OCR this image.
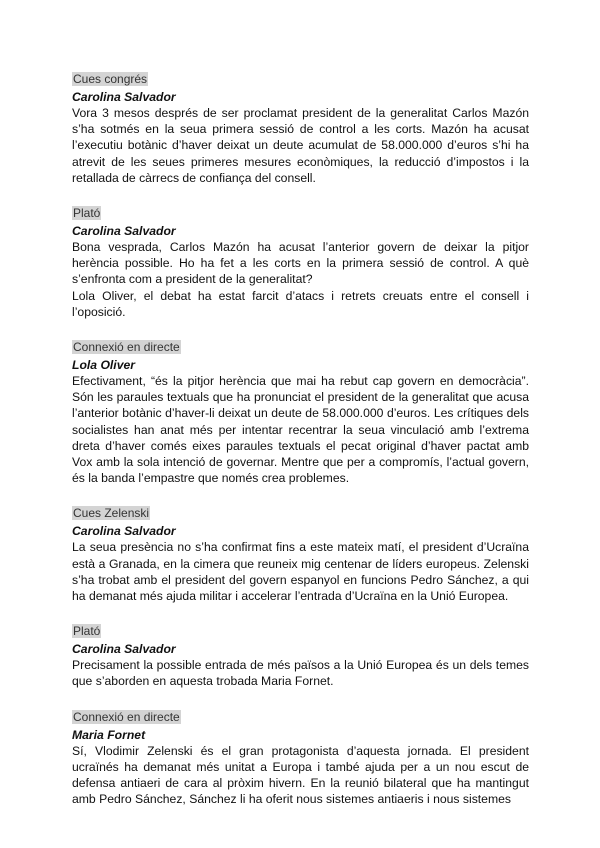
Cues congrés
Carolina Salvador

Vora 3 mesos després de ser proclamat president de la generalitat Carlos Mazón s’ha sotmés en la seua primera sessió de control a les corts. Mazón ha acusat l’executiu botànic d’haver deixat un deute acumulat de 58.000.000 d’euros s’hi ha atrevit de les seues primeres mesures econòmiques, la reducció d’impostos i la retallada de càrrecs de confiança del consell.

Plató
Carolina Salvador

Bona vesprada, Carlos Mazón ha acusat l’anterior govern de deixar la pitjor herència possible. Ho ha fet a les corts en la primera sessió de control. A què s’enfronta com a president de la generalitat?

Lola Oliver, el debat ha estat farcit d’atacs i retrets creuats entre el consell i l’oposició.

Connexió en directe
Lola Oliver

Efectivament, “és la pitjor herència que mai ha rebut cap govern en democràcia”. Són les paraules textuals que ha pronunciat el president de la generalitat que acusa l’anterior botànic d’haver-li deixat un deute de 58.000.000 d’euros. Les crítiques dels socialistes han anat més per intentar recentrar la seua vinculació amb l’extrema dreta d’haver comés eixes paraules textuals el pecat original d’haver pactat amb Vox amb la sola intenció de governar. Mentre que per a compromís, l’actual govern, és la banda l’empastre que només crea problemes.

Cues Zelenski
Carolina Salvador

La seua presència no s’ha confirmat fins a este mateix matí, el president d’Ucraïna està a Granada, en la cimera que reuneix mig centenar de líders europeus. Zelenski s’ha trobat amb el president del govern espanyol en funcions Pedro Sánchez, a qui ha demanat més ajuda militar i accelerar l’entrada d’Ucraïna en la Unió Europea.

Plató
Carolina Salvador

Precisament la possible entrada de més països a la Unió Europea és un dels temes que s’aborden en aquesta trobada Maria Fornet.

Connexió en directe
Maria Fornet

Sí, Vlodimir Zelenski és el gran protagonista d’aquesta jornada. El president ucraïnés ha demanat més unitat a Europa i també ajuda per a un nou escut de defensa antiaeri de cara al pròxim hivern. En la reunió bilateral que ha mantingut amb Pedro Sánchez, Sánchez li ha oferit nous sistemes antiaeris i nous sistemes
